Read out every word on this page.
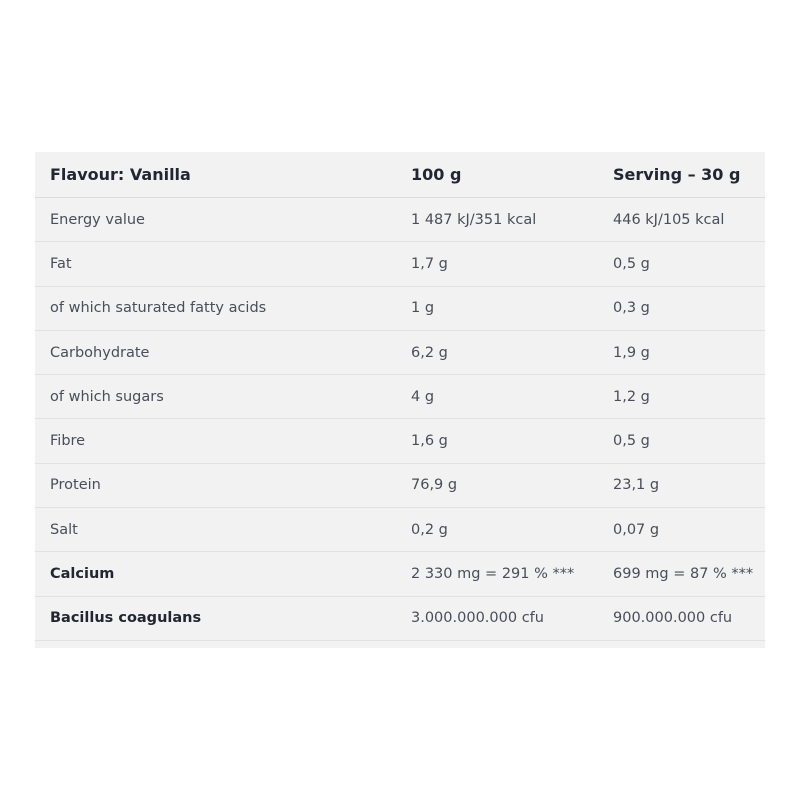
Flavour: Vanilla	100 g	Serving – 30 g
Energy value	1 487 kJ/351 kcal	446 kJ/105 kcal
Fat	1,7 g	0,5 g
of which saturated fatty acids	1 g	0,3 g
Carbohydrate	6,2 g	1,9 g
of which sugars	4 g	1,2 g
Fibre	1,6 g	0,5 g
Protein	76,9 g	23,1 g
Salt	0,2 g	0,07 g
Calcium	2 330 mg = 291 % ***	699 mg = 87 % ***
Bacillus coagulans	3.000.000.000 cfu	900.000.000 cfu
